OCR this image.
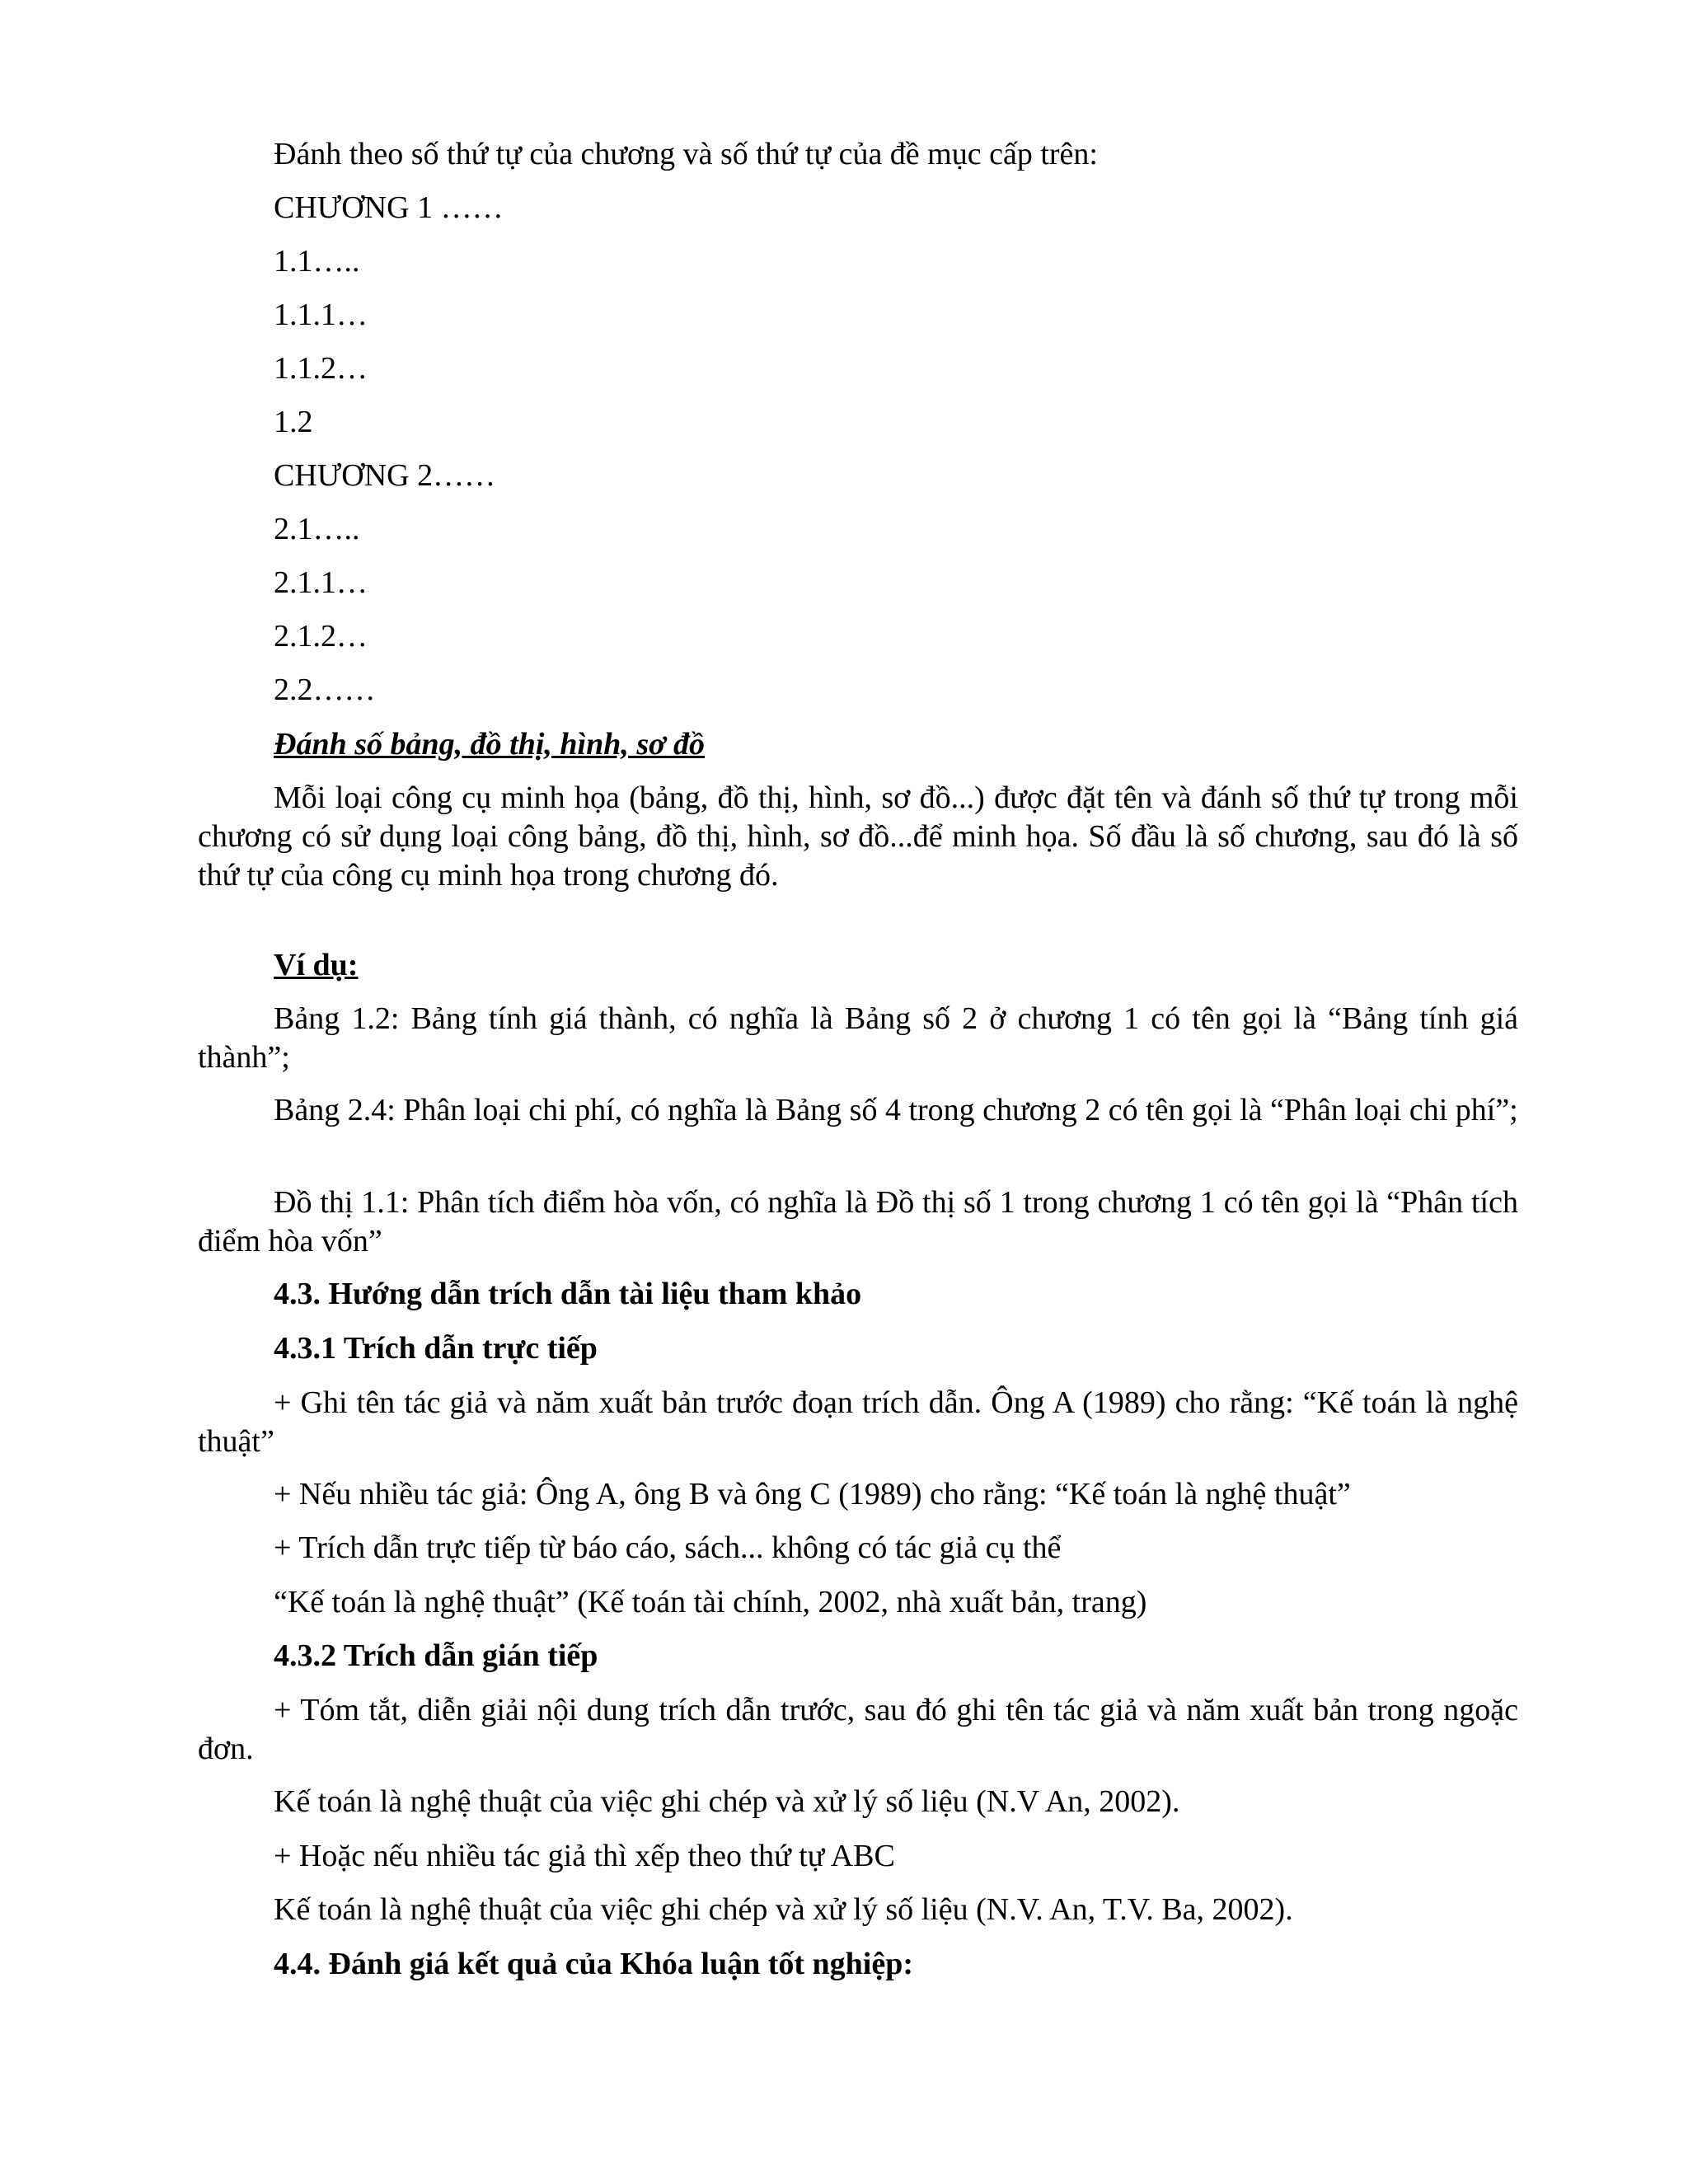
Đánh theo số thứ tự của chương và số thứ tự của đề mục cấp trên:
CHƯƠNG 1 ……
1.1…..
1.1.1…
1.1.2…
1.2
CHƯƠNG 2……
2.1…..
2.1.1…
2.1.2…
2.2……
Đánh số bảng, đồ thị, hình, sơ đồ
Mỗi loại công cụ minh họa (bảng, đồ thị, hình, sơ đồ...) được đặt tên và đánh số thứ tự trong mỗi chương có sử dụng loại công bảng, đồ thị, hình, sơ đồ...để minh họa. Số đầu là số chương, sau đó là số thứ tự của công cụ minh họa trong chương đó.
Ví dụ:
Bảng 1.2: Bảng tính giá thành, có nghĩa là Bảng số 2 ở chương 1 có tên gọi là “Bảng tính giá thành”;
Bảng 2.4: Phân loại chi phí, có nghĩa là Bảng số 4 trong chương 2 có tên gọi là “Phân loại chi phí”;
Đồ thị 1.1: Phân tích điểm hòa vốn, có nghĩa là Đồ thị số 1 trong chương 1 có tên gọi là “Phân tích điểm hòa vốn”
4.3. Hướng dẫn trích dẫn tài liệu tham khảo
4.3.1 Trích dẫn trực tiếp
+ Ghi tên tác giả và năm xuất bản trước đoạn trích dẫn. Ông A (1989) cho rằng: “Kế toán là nghệ thuật”
+ Nếu nhiều tác giả: Ông A, ông B và ông C (1989) cho rằng: “Kế toán là nghệ thuật”
+ Trích dẫn trực tiếp từ báo cáo, sách... không có tác giả cụ thể
“Kế toán là nghệ thuật” (Kế toán tài chính, 2002, nhà xuất bản, trang)
4.3.2 Trích dẫn gián tiếp
+ Tóm tắt, diễn giải nội dung trích dẫn trước, sau đó ghi tên tác giả và năm xuất bản trong ngoặc đơn.
Kế toán là nghệ thuật của việc ghi chép và xử lý số liệu (N.V An, 2002).
+ Hoặc nếu nhiều tác giả thì xếp theo thứ tự ABC
Kế toán là nghệ thuật của việc ghi chép và xử lý số liệu (N.V. An, T.V. Ba, 2002).
4.4. Đánh giá kết quả của Khóa luận tốt nghiệp:
